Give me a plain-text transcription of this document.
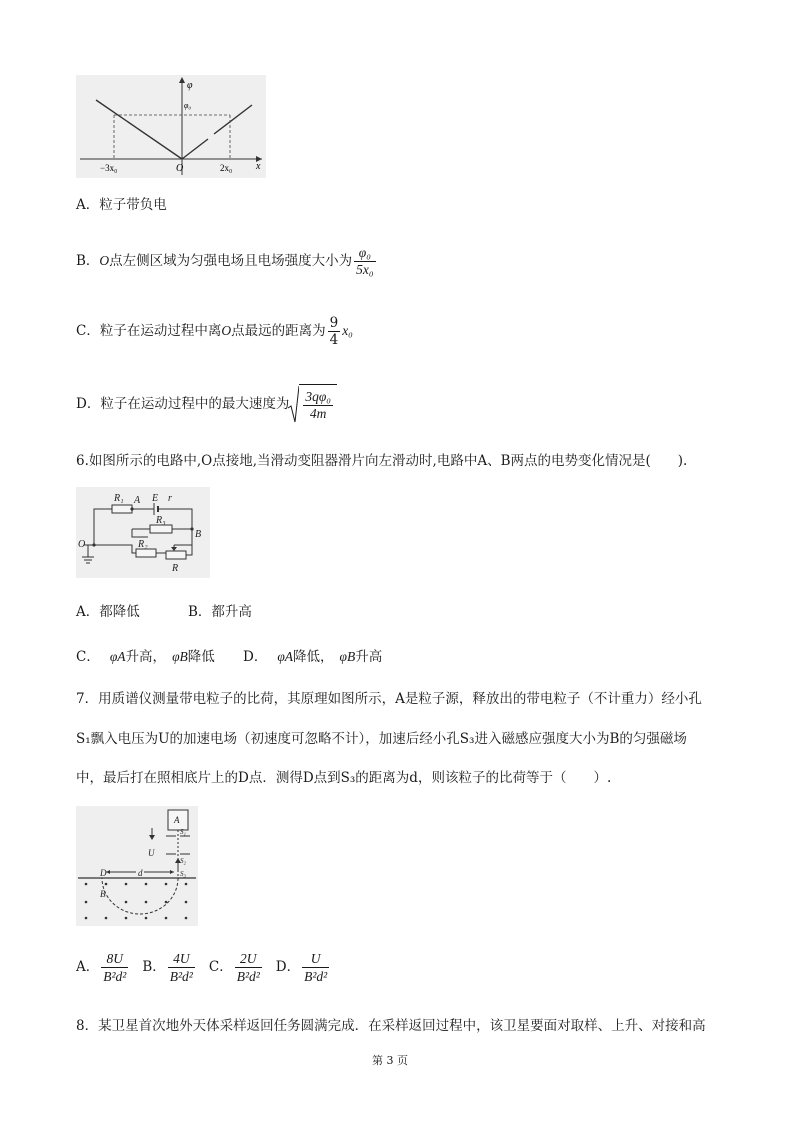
φ
φ₀
−3x₀	O	2x₀ x
A．粒子带负电
B．O点左侧区域为匀强电场且电场强度大小为 $\frac{\text{φ₀}}{\text{5x₀}}$
C．粒子在运动过程中离O点最远的距离为 $\frac{9}{4} x_0$
D．粒子在运动过程中的最大速度为 $\frac{\text{3qφ₀}}{4m}$
6.如图所示的电路中,O点接地,当滑动变阻器滑片向左滑动时,电路中A、B两点的电势变化情况是(　　).
R₁ A E r
R₃
B
O	R₂
R
A．都降低	B．都升高
C． φA升高， φB降低 D． φA降低， φB升高
7．用质谱仪测量带电粒子的比荷，其原理如图所示，A是粒子源，释放出的带电粒子（不计重力）经小孔
S₁飘入电压为U的加速电场（初速度可忽略不计），加速后经小孔S₃进入磁感应强度大小为B的匀强磁场
中，最后打在照相底片上的D点．测得D点到S₃的距离为d，则该粒子的比荷等于（　　）.
A
S₁
U
S₂
D	d	S₃
B
A． $\frac{8U}{\text{B²d²}}$ B． $\frac{4U}{\text{B²d²}}$ C． $\frac{2U}{\text{B²d²}}$ D． $\frac{U}{\text{B²d²}}$
8．某卫星首次地外天体采样返回任务圆满完成．在采样返回过程中，该卫星要面对取样、上升、对接和高
第 3 页
